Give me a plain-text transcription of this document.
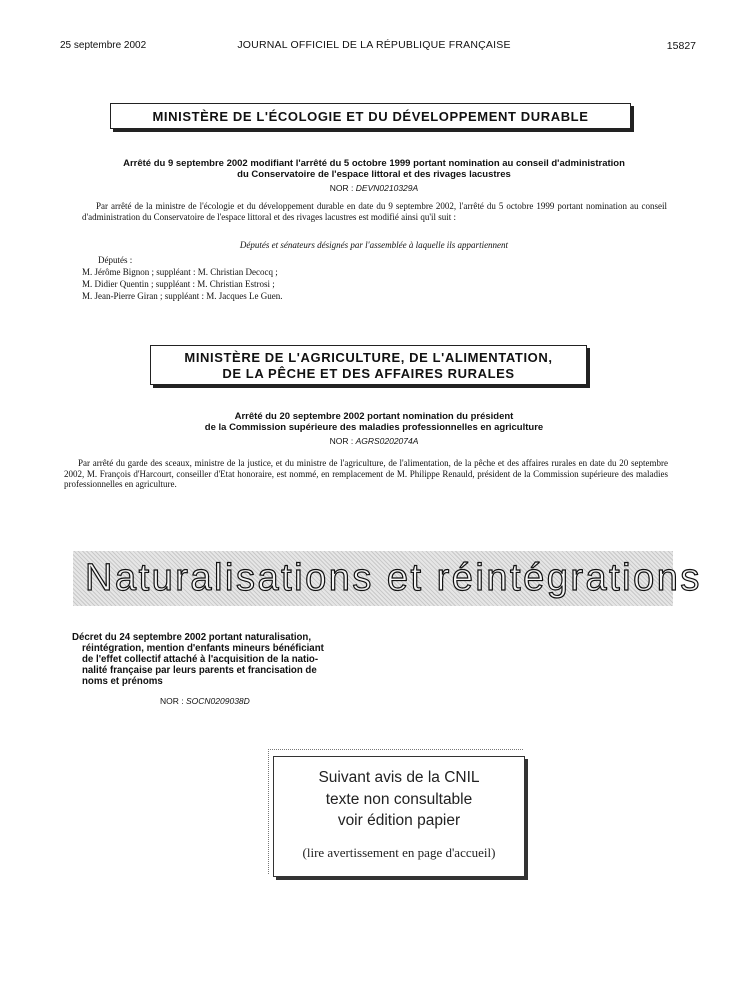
25 septembre 2002	JOURNAL OFFICIEL DE LA RÉPUBLIQUE FRANÇAISE	15827
MINISTÈRE DE L'ÉCOLOGIE ET DU DÉVELOPPEMENT DURABLE
Arrêté du 9 septembre 2002 modifiant l'arrêté du 5 octobre 1999 portant nomination au conseil d'administration
du Conservatoire de l'espace littoral et des rivages lacustres
NOR : DEVN0210329A
Par arrêté de la ministre de l'écologie et du développement durable en date du 9 septembre 2002, l'arrêté du 5 octobre 1999 portant nomination au conseil d'administration du Conservatoire de l'espace littoral et des rivages lacustres est modifié ainsi qu'il suit :
Députés et sénateurs désignés par l'assemblée à laquelle ils appartiennent
Députés :
M. Jérôme Bignon ; suppléant : M. Christian Decocq ;
M. Didier Quentin ; suppléant : M. Christian Estrosi ;
M. Jean-Pierre Giran ; suppléant : M. Jacques Le Guen.
MINISTÈRE DE L'AGRICULTURE, DE L'ALIMENTATION,
DE LA PÊCHE ET DES AFFAIRES RURALES
Arrêté du 20 septembre 2002 portant nomination du président
de la Commission supérieure des maladies professionnelles en agriculture
NOR : AGRS0202074A
Par arrêté du garde des sceaux, ministre de la justice, et du ministre de l'agriculture, de l'alimentation, de la pêche et des affaires rurales en date du 20 septembre 2002, M. François d'Harcourt, conseiller d'Etat honoraire, est nommé, en remplacement de M. Philippe Renauld, président de la Commission supérieure des maladies professionnelles en agriculture.
Naturalisations et réintégrations
Décret du 24 septembre 2002 portant naturalisation,
réintégration, mention d'enfants mineurs bénéficiant
de l'effet collectif attaché à l'acquisition de la natio-
nalité française par leurs parents et francisation de
noms et prénoms
NOR : SOCN0209038D
Suivant avis de la CNIL
texte non consultable
voir édition papier
(lire avertissement en page d'accueil)
